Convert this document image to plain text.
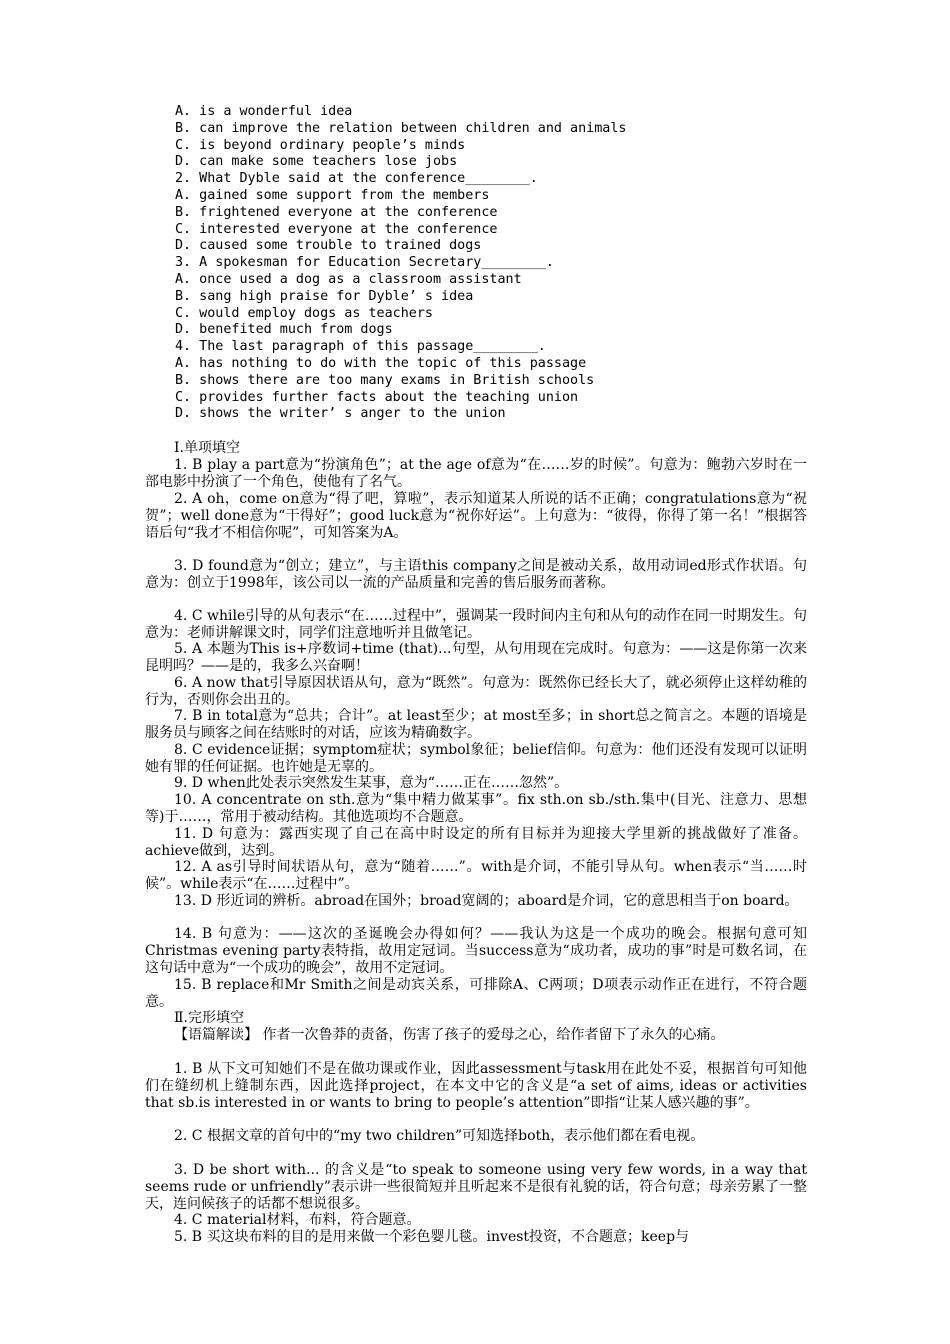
A. is a wonderful idea
B. can improve the relation between children and animals
C. is beyond ordinary people’s minds
D. can make some teachers lose jobs
2. What Dyble said at the conference________.
A. gained some support from the members
B. frightened everyone at the conference
C. interested everyone at the conference
D. caused some trouble to trained dogs
3. A spokesman for Education Secretary________.
A. once used a dog as a classroom assistant
B. sang high praise for Dyble’ s idea
C. would employ dogs as teachers
D. benefited much from dogs
4. The last paragraph of this passage________.
A. has nothing to do with the topic of this passage
B. shows there are too many exams in British schools
C. provides further facts about the teaching union
D. shows the writer’ s anger to the union

Ⅰ.单项填空

1. B play a part意为“扮演角色”；at the age of意为“在……岁的时候”。句意为：鲍勃六岁时在一部电影中扮演了一个角色，使他有了名气。

2. A oh，come on意为“得了吧，算啦”，表示知道某人所说的话不正确；congratulations意为“祝贺”；well done意为“干得好”；good luck意为“祝你好运”。上句意为：“彼得，你得了第一名！”根据答语后句“我才不相信你呢”，可知答案为A。

3. D found意为“创立；建立”，与主语this company之间是被动关系，故用动词ed形式作状语。句意为：创立于1998年，该公司以一流的产品质量和完善的售后服务而著称。

4. C while引导的从句表示“在……过程中”，强调某一段时间内主句和从句的动作在同一时期发生。句意为：老师讲解课文时，同学们注意地听并且做笔记。

5. A 本题为This is+序数词+time (that)...句型，从句用现在完成时。句意为：——这是你第一次来昆明吗？——是的，我多么兴奋啊！

6. A now that引导原因状语从句，意为“既然”。句意为：既然你已经长大了，就必须停止这样幼稚的行为，否则你会出丑的。

7. B in total意为“总共；合计”。at least至少；at most至多；in short总之简言之。本题的语境是服务员与顾客之间在结账时的对话，应该为精确数字。

8. C evidence证据；symptom症状；symbol象征；belief信仰。句意为：他们还没有发现可以证明她有罪的任何证据。也许她是无辜的。

9. D when此处表示突然发生某事，意为“……正在……忽然”。

10. A concentrate on sth.意为“集中精力做某事”。fix sth.on sb./sth.集中(目光、注意力、思想等)于……，常用于被动结构。其他选项均不合题意。

11. D 句意为：露西实现了自己在高中时设定的所有目标并为迎接大学里新的挑战做好了准备。achieve做到，达到。

12. A as引导时间状语从句，意为“随着……”。with是介词，不能引导从句。when表示“当……时候”。while表示“在……过程中”。

13. D 形近词的辨析。abroad在国外；broad宽阔的；aboard是介词，它的意思相当于on board。

14. B 句意为：——这次的圣诞晚会办得如何？——我认为这是一个成功的晚会。根据句意可知Christmas evening party表特指，故用定冠词。当success意为“成功者，成功的事”时是可数名词，在这句话中意为“一个成功的晚会”，故用不定冠词。

15. B replace和Mr Smith之间是动宾关系，可排除A、C两项；D项表示动作正在进行，不符合题意。

Ⅱ.完形填空

【语篇解读】 作者一次鲁莽的责备，伤害了孩子的爱母之心，给作者留下了永久的心痛。

1. B 从下文可知她们不是在做功课或作业，因此assessment与task用在此处不妥，根据首句可知他们在缝纫机上缝制东西，因此选择project，在本文中它的含义是“a set of aims, ideas or activities that sb.is interested in or wants to bring to people’s attention”即指“让某人感兴趣的事”。

2. C 根据文章的首句中的“my two children”可知选择both，表示他们都在看电视。

3. D be short with... 的含义是“to speak to someone using very few words, in a way that seems rude or unfriendly”表示讲一些很简短并且听起来不是很有礼貌的话，符合句意；母亲劳累了一整天，连问候孩子的话都不想说很多。

4. C material材料，布料，符合题意。

5. B 买这块布料的目的是用来做一个彩色婴儿毯。invest投资，不合题意；keep与
